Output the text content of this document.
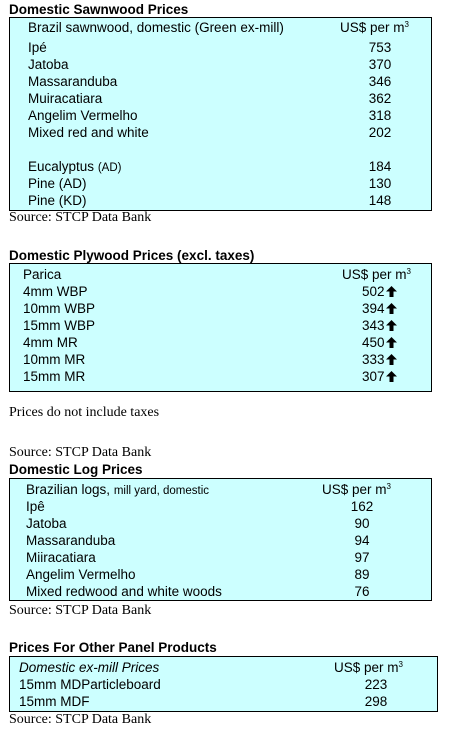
Domestic Sawnwood Prices
Brazil sawnwood, domestic (Green ex-mill)	US$ per $m^3$
Ipé	753
Jatoba	370
Massaranduba	346
Muiracatiara	362
Angelim Vermelho	318
Mixed red and white	202
Eucalyptus (AD)	184
Pine (AD)	130
Pine (KD)	148
Source: STCP Data Bank
Domestic Plywood Prices (excl. taxes)
Parica	US$ per $m^3$
4mm WBP	502
10mm WBP	394
15mm WBP	343
4mm MR	450
10mm MR	333
15mm MR	307
Prices do not include taxes
Source: STCP Data Bank
Domestic Log Prices
Brazilian logs, mill yard, domestic	US$ per $m^3$
Ipê	162
Jatoba	90
Massaranduba	94
Miiracatiara	97
Angelim Vermelho	89
Mixed redwood and white woods	76
Source: STCP Data Bank
Prices For Other Panel Products
Domestic ex-mill Prices	US$ per $m^3$
15mm MDParticleboard	223
15mm MDF	298
Source: STCP Data Bank
